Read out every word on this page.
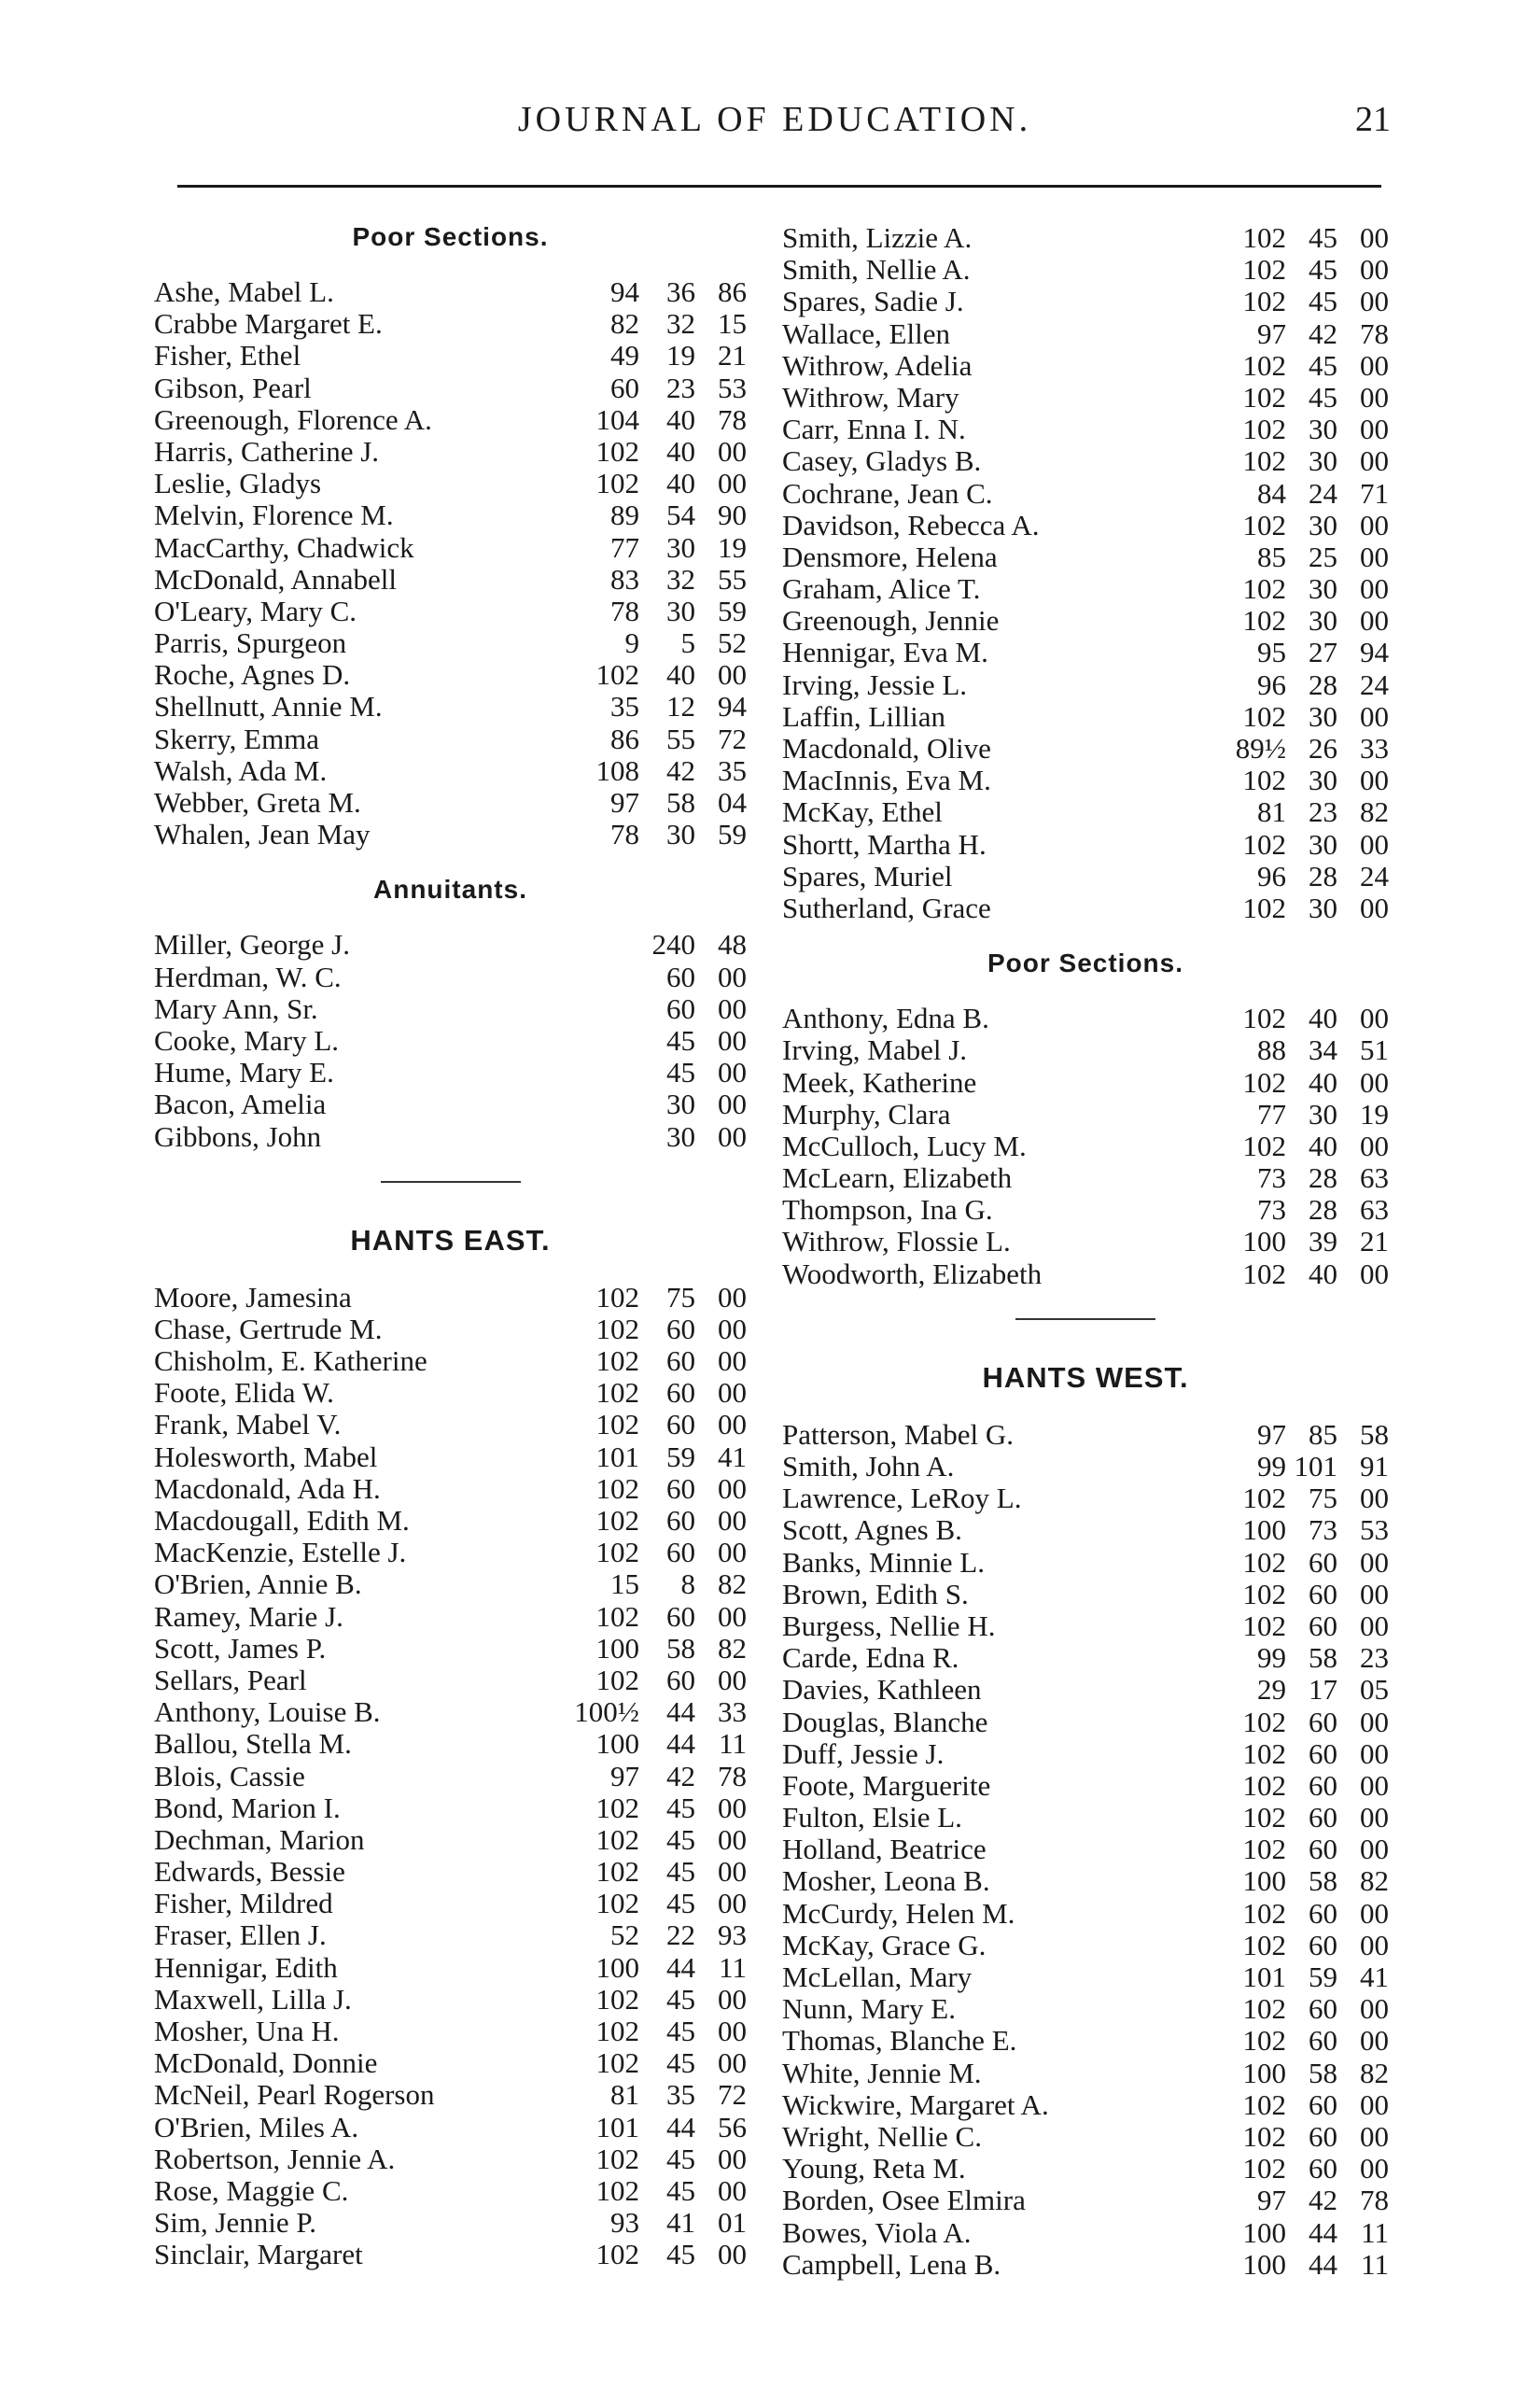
JOURNAL OF EDUCATION.	21
Poor Sections.
Ashe, Mabel L.	94 36 86
Crabbe Margaret E.	82 32 15
Fisher, Ethel	49 19 21
Gibson, Pearl	60 23 53
Greenough, Florence A.	104 40 78
Harris, Catherine J.	102 40 00
Leslie, Gladys	102 40 00
Melvin, Florence M.	89 54 90
MacCarthy, Chadwick	77 30 19
McDonald, Annabell	83 32 55
O'Leary, Mary C.	78 30 59
Parris, Spurgeon	9	5 52
Roche, Agnes D.	102 40 00
Shellnutt, Annie M.	35 12 94
Skerry, Emma	86 55 72
Walsh, Ada M.	108 42 35
Webber, Greta M.	97 58 04
Whalen, Jean May	78 30 59
Annuitants.
Miller, George J.	240 48
Herdman, W. C.	60 00
Mary Ann, Sr.	60 00
Cooke, Mary L.	45 00
Hume, Mary E.	45 00
Bacon, Amelia	30 00
Gibbons, John	30 00
HANTS EAST.
Moore, Jamesina	102 75 00
Chase, Gertrude M.	102 60 00
Chisholm, E. Katherine	102 60 00
Foote, Elida W.	102 60 00
Frank, Mabel V.	102 60 00
Holesworth, Mabel	101 59 41
Macdonald, Ada H.	102 60 00
Macdougall, Edith M.	102 60 00
MacKenzie, Estelle J.	102 60 00
O'Brien, Annie B.	15	8 82
Ramey, Marie J.	102 60 00
Scott, James P.	100 58 82
Sellars, Pearl	102 60 00
Anthony, Louise B.	100½ 44 33
Ballou, Stella M.	100 44 11
Blois, Cassie	97 42 78
Bond, Marion I.	102 45 00
Dechman, Marion	102 45 00
Edwards, Bessie	102 45 00
Fisher, Mildred	102 45 00
Fraser, Ellen J.	52 22 93
Hennigar, Edith	100 44 11
Maxwell, Lilla J.	102 45 00
Mosher, Una H.	102 45 00
McDonald, Donnie	102 45 00
McNeil, Pearl Rogerson	81 35 72
O'Brien, Miles A.	101 44 56
Robertson, Jennie A.	102 45 00
Rose, Maggie C.	102 45 00
Sim, Jennie P.	93 41 01
Sinclair, Margaret	102 45 00
Smith, Lizzie A.	102 45 00
Smith, Nellie A.	102 45 00
Spares, Sadie J.	102 45 00
Wallace, Ellen	97 42 78
Withrow, Adelia	102 45 00
Withrow, Mary	102 45 00
Carr, Enna I. N.	102 30 00
Casey, Gladys B.	102 30 00
Cochrane, Jean C.	84 24 71
Davidson, Rebecca A.	102 30 00
Densmore, Helena	85 25 00
Graham, Alice T.	102 30 00
Greenough, Jennie	102 30 00
Hennigar, Eva M.	95 27 94
Irving, Jessie L.	96 28 24
Laffin, Lillian	102 30 00
Macdonald, Olive	89½ 26 33
MacInnis, Eva M.	102 30 00
McKay, Ethel	81 23 82
Shortt, Martha H.	102 30 00
Spares, Muriel	96 28 24
Sutherland, Grace	102 30 00
Poor Sections.
Anthony, Edna B.	102 40 00
Irving, Mabel J.	88 34 51
Meek, Katherine	102 40 00
Murphy, Clara	77 30 19
McCulloch, Lucy M.	102 40 00
McLearn, Elizabeth	73 28 63
Thompson, Ina G.	73 28 63
Withrow, Flossie L.	100 39 21
Woodworth, Elizabeth	102 40 00
HANTS WEST.
Patterson, Mabel G.	97 85 58
Smith, John A.	99 101 91
Lawrence, LeRoy L.	102 75 00
Scott, Agnes B.	100 73 53
Banks, Minnie L.	102 60 00
Brown, Edith S.	102 60 00
Burgess, Nellie H.	102 60 00
Carde, Edna R.	99 58 23
Davies, Kathleen	29 17 05
Douglas, Blanche	102 60 00
Duff, Jessie J.	102 60 00
Foote, Marguerite	102 60 00
Fulton, Elsie L.	102 60 00
Holland, Beatrice	102 60 00
Mosher, Leona B.	100 58 82
McCurdy, Helen M.	102 60 00
McKay, Grace G.	102 60 00
McLellan, Mary	101 59 41
Nunn, Mary E.	102 60 00
Thomas, Blanche E.	102 60 00
White, Jennie M.	100 58 82
Wickwire, Margaret A.	102 60 00
Wright, Nellie C.	102 60 00
Young, Reta M.	102 60 00
Borden, Osee Elmira	97 42 78
Bowes, Viola A.	100 44 11
Campbell, Lena B.	100 44 11
